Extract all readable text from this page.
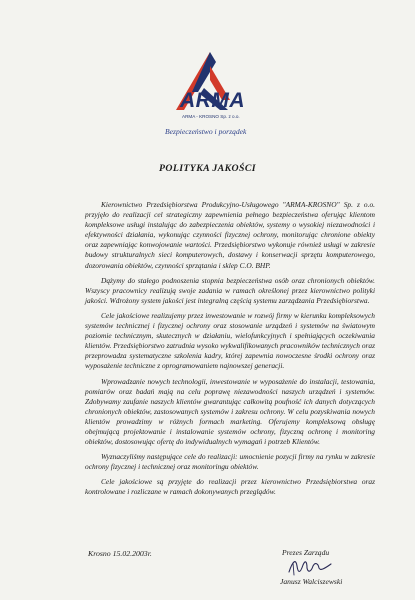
ARMA
ARMA - KROSNO Sp. z o.o.
Bezpieczeństwo i porządek
POLITYKA JAKOŚCI

Kierownictwo Przedsiębiorstwa Produkcyjno-Usługowego "ARMA-KROSNO" Sp. z o.o. przyjęło do realizacji cel strategiczny zapewnienia pełnego bezpieczeństwa oferując klientom kompleksowe usługi instalując do zabezpieczenia obiektów, systemy o wysokiej niezawodności i efektywności działania, wykonując czynności fizycznej ochrony, monitorując chronione obiekty oraz zapewniając konwojowanie wartości. Przedsiębiorstwo wykonuje również usługi w zakresie budowy strukturalnych sieci komputerowych, dostawy i konserwacji sprzętu komputerowego, dozorowania obiektów, czynności sprzątania i sklep C.O. BHP.

Dążymy do stałego podnoszenia stopnia bezpieczeństwa osób oraz chronionych obiektów. Wszyscy pracownicy realizują swoje zadania w ramach określonej przez kierownictwo polityki jakości. Wdrożony system jakości jest integralną częścią systemu zarządzania Przedsiębiorstwa.

Cele jakościowe realizujemy przez inwestowanie w rozwój firmy w kierunku kompleksowych systemów technicznej i fizycznej ochrony oraz stosowanie urządzeń i systemów na światowym poziomie technicznym, skutecznych w działaniu, wielofunkcyjnych i spełniających oczekiwania klientów. Przedsiębiorstwo zatrudnia wysoko wykwalifikowanych pracowników technicznych oraz przeprowadza systematyczne szkolenia kadry, której zapewnia nowoczesne środki ochrony oraz wyposażenie techniczne z oprogramowaniem najnowszej generacji.

Wprowadzanie nowych technologii, inwestowanie w wyposażenie do instalacji, testowania, pomiarów oraz badań mają na celu poprawę niezawodności naszych urządzeń i systemów. Zdobywamy zaufanie naszych klientów gwarantując całkowitą poufność ich danych dotyczących chronionych obiektów, zastosowanych systemów i zakresu ochrony. W celu pozyskiwania nowych klientów prowadzimy w różnych formach marketing. Oferujemy kompleksową obsługę obejmującą projektowanie i instalowanie systemów ochrony, fizyczną ochronę i monitoring obiektów, dostosowując ofertę do indywidualnych wymagań i potrzeb Klientów.

Wyznaczyliśmy następujące cele do realizacji: umocnienie pozycji firmy na rynku w zakresie ochrony fizycznej i technicznej oraz monitoringu obiektów.

Cele jakościowe są przyjęte do realizacji przez kierownictwo Przedsiębiorstwa oraz kontrolowane i rozliczane w ramach dokonywanych przeglądów.

Krosno 15.02.2003r.	Prezes Zarządu
Janusz Walciszewski
